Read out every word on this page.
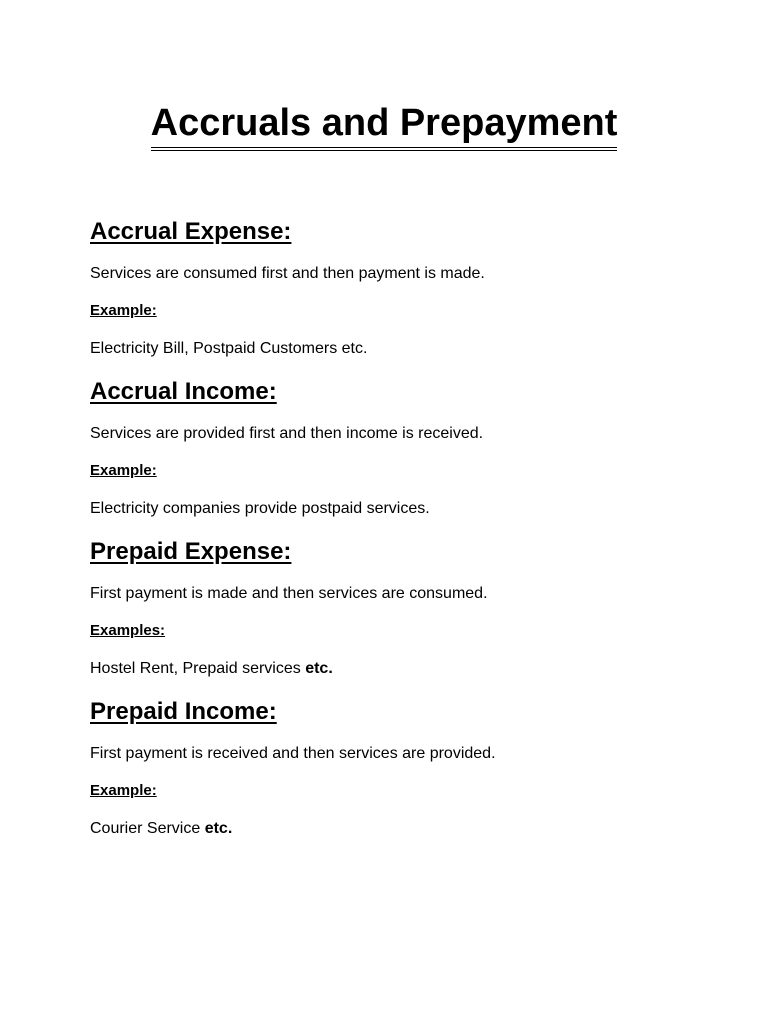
Accruals and Prepayment
Accrual Expense:

Services are consumed first and then payment is made.

Example:

Electricity Bill, Postpaid Customers etc.

Accrual Income:

Services are provided first and then income is received.

Example:

Electricity companies provide postpaid services.

Prepaid Expense:

First payment is made and then services are consumed.

Examples:

Hostel Rent, Prepaid services etc.

Prepaid Income:

First payment is received and then services are provided.

Example:

Courier Service etc.
